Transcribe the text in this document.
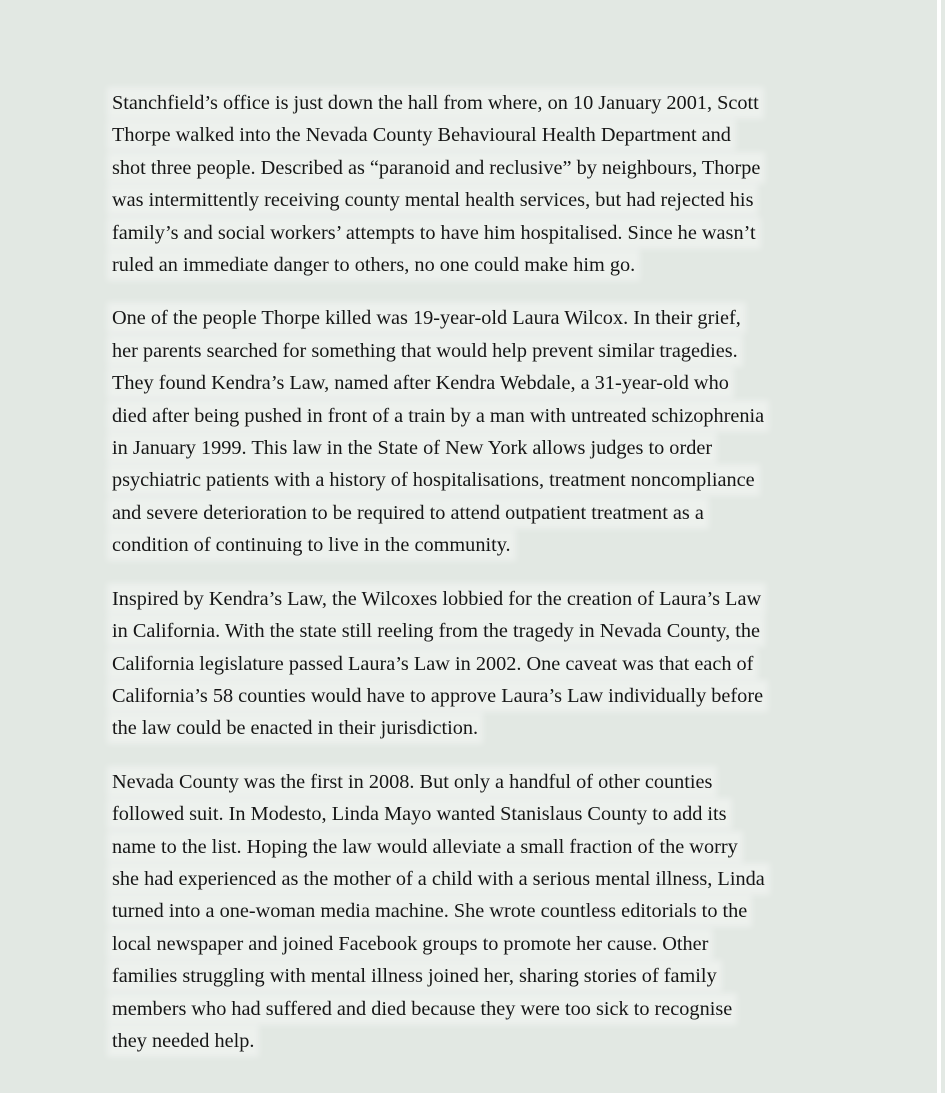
Stanchfield’s office is just down the hall from where, on 10 January 2001, Scott
Thorpe walked into the Nevada County Behavioural Health Department and
shot three people. Described as “paranoid and reclusive” by neighbours, Thorpe
was intermittently receiving county mental health services, but had rejected his
family’s and social workers’ attempts to have him hospitalised. Since he wasn’t
ruled an immediate danger to others, no one could make him go.

One of the people Thorpe killed was 19-year-old Laura Wilcox. In their grief,
her parents searched for something that would help prevent similar tragedies.
They found Kendra’s Law, named after Kendra Webdale, a 31-year-old who
died after being pushed in front of a train by a man with untreated schizophrenia
in January 1999. This law in the State of New York allows judges to order
psychiatric patients with a history of hospitalisations, treatment noncompliance
and severe deterioration to be required to attend outpatient treatment as a
condition of continuing to live in the community.

Inspired by Kendra’s Law, the Wilcoxes lobbied for the creation of Laura’s Law
in California. With the state still reeling from the tragedy in Nevada County, the
California legislature passed Laura’s Law in 2002. One caveat was that each of
California’s 58 counties would have to approve Laura’s Law individually before
the law could be enacted in their jurisdiction.

Nevada County was the first in 2008. But only a handful of other counties
followed suit. In Modesto, Linda Mayo wanted Stanislaus County to add its
name to the list. Hoping the law would alleviate a small fraction of the worry
she had experienced as the mother of a child with a serious mental illness, Linda
turned into a one-woman media machine. She wrote countless editorials to the
local newspaper and joined Facebook groups to promote her cause. Other
families struggling with mental illness joined her, sharing stories of family
members who had suffered and died because they were too sick to recognise
they needed help.
